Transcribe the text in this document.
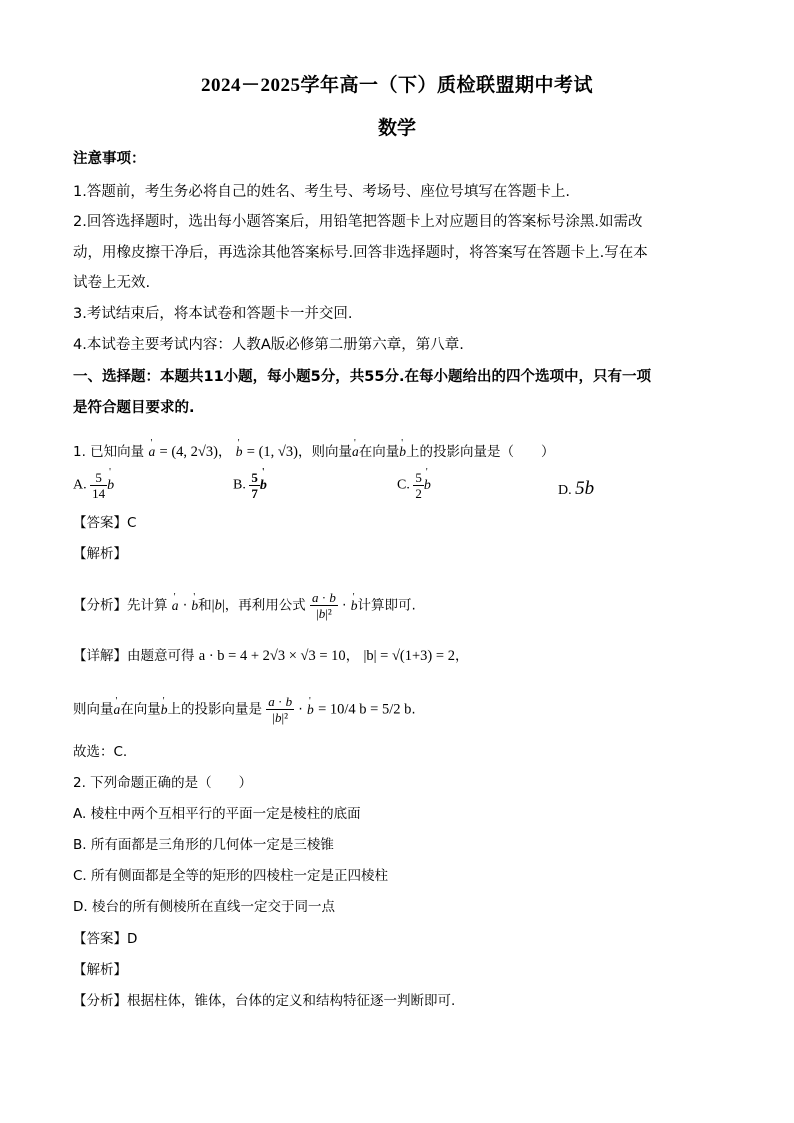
2024－2025学年高一（下）质检联盟期中考试
数学
注意事项：
1.答题前，考生务必将自己的姓名、考生号、考场号、座位号填写在答题卡上.
2.回答选择题时，选出每小题答案后，用铅笔把答题卡上对应题目的答案标号涂黑.如需改
动，用橡皮擦干净后，再选涂其他答案标号.回答非选择题时，将答案写在答题卡上.写在本
试卷上无效.
3.考试结束后，将本试卷和答题卡一并交回.
4.本试卷主要考试内容：人教A版必修第二册第六章，第八章.
一、选择题：本题共11小题，每小题5分，共55分.在每小题给出的四个选项中，只有一项
是符合题目要求的.
1. 已知向量 ' a = (4, 2√3)， ' b = (1, √3)，则向量' a在向量' b上的投影向量是（　　）
A. $\frac{5}{14}$ ' b	B. $\frac{5}{7}$ ' b	C. $\frac{5}{2}$ ' b	D. 5b
【答案】C
【解析】
【分析】先计算 ' a · ' b和|b|，再利用公式 $\frac{a \cdot b}{\text{|b|²}}$ · ' b计算即可.
【详解】由题意可得 a · b = 4 + 2√3 × √3 = 10， |b| = √(1+3) = 2，
则向量' a在向量' b上的投影向量是 $\frac{a \cdot b}{\text{|b|²}}$ · ' b = 10/4 b = 5/2 b.
故选：C.
2. 下列命题正确的是（　　）
A. 棱柱中两个互相平行的平面一定是棱柱的底面
B. 所有面都是三角形的几何体一定是三棱锥
C. 所有侧面都是全等的矩形的四棱柱一定是正四棱柱
D. 棱台的所有侧棱所在直线一定交于同一点
【答案】D
【解析】
【分析】根据柱体，锥体，台体的定义和结构特征逐一判断即可.
